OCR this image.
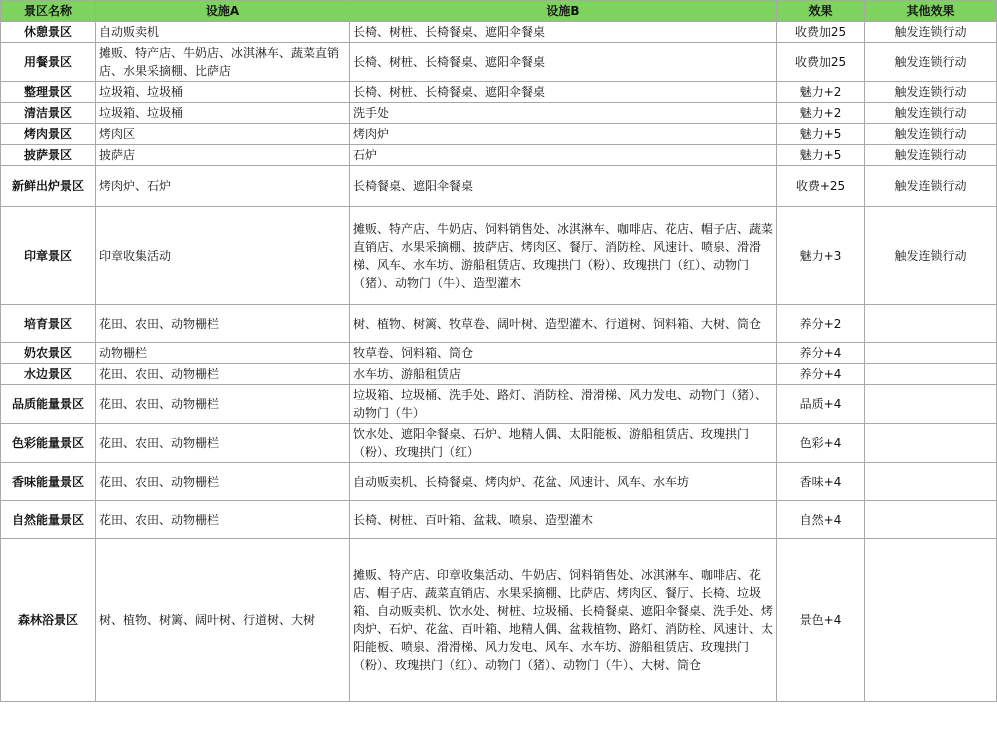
景区名称	设施A	设施B	效果	其他效果
休憩景区	自动贩卖机	长椅、树桩、长椅餐桌、遮阳伞餐桌	收费加25	触发连锁行动
用餐景区	摊贩、特产店、牛奶店、冰淇淋车、蔬菜直销店、水果采摘棚、比萨店	长椅、树桩、长椅餐桌、遮阳伞餐桌	收费加25	触发连锁行动
整理景区	垃圾箱、垃圾桶	长椅、树桩、长椅餐桌、遮阳伞餐桌	魅力+2	触发连锁行动
清洁景区	垃圾箱、垃圾桶	洗手处	魅力+2	触发连锁行动
烤肉景区	烤肉区	烤肉炉	魅力+5	触发连锁行动
披萨景区	披萨店	石炉	魅力+5	触发连锁行动
新鲜出炉景区	烤肉炉、石炉	长椅餐桌、遮阳伞餐桌	收费+25	触发连锁行动
印章景区	印章收集活动	摊贩、特产店、牛奶店、饲料销售处、冰淇淋车、咖啡店、花店、帽子店、蔬菜直销店、水果采摘棚、披萨店、烤肉区、餐厅、消防栓、风速计、喷泉、滑滑梯、风车、水车坊、游船租赁店、玫瑰拱门（粉）、玫瑰拱门（红）、动物门（猪）、动物门（牛）、造型灌木	魅力+3	触发连锁行动
培育景区	花田、农田、动物栅栏	树、植物、树篱、牧草卷、阔叶树、造型灌木、行道树、饲料箱、大树、筒仓	养分+2	
奶农景区	动物栅栏	牧草卷、饲料箱、筒仓	养分+4	
水边景区	花田、农田、动物栅栏	水车坊、游船租赁店	养分+4	
品质能量景区	花田、农田、动物栅栏	垃圾箱、垃圾桶、洗手处、路灯、消防栓、滑滑梯、风力发电、动物门（猪）、动物门（牛）	品质+4	
色彩能量景区	花田、农田、动物栅栏	饮水处、遮阳伞餐桌、石炉、地精人偶、太阳能板、游船租赁店、玫瑰拱门（粉）、玫瑰拱门（红）	色彩+4	
香味能量景区	花田、农田、动物栅栏	自动贩卖机、长椅餐桌、烤肉炉、花盆、风速计、风车、水车坊	香味+4	
自然能量景区	花田、农田、动物栅栏	长椅、树桩、百叶箱、盆栽、喷泉、造型灌木	自然+4	
森林浴景区	树、植物、树篱、阔叶树、行道树、大树	摊贩、特产店、印章收集活动、牛奶店、饲料销售处、冰淇淋车、咖啡店、花店、帽子店、蔬菜直销店、水果采摘棚、比萨店、烤肉区、餐厅、长椅、垃圾箱、自动贩卖机、饮水处、树桩、垃圾桶、长椅餐桌、遮阳伞餐桌、洗手处、烤肉炉、石炉、花盆、百叶箱、地精人偶、盆栽植物、路灯、消防栓、风速计、太阳能板、喷泉、滑滑梯、风力发电、风车、水车坊、游船租赁店、玫瑰拱门（粉）、玫瑰拱门（红）、动物门（猪）、动物门（牛）、大树、筒仓	景色+4	
